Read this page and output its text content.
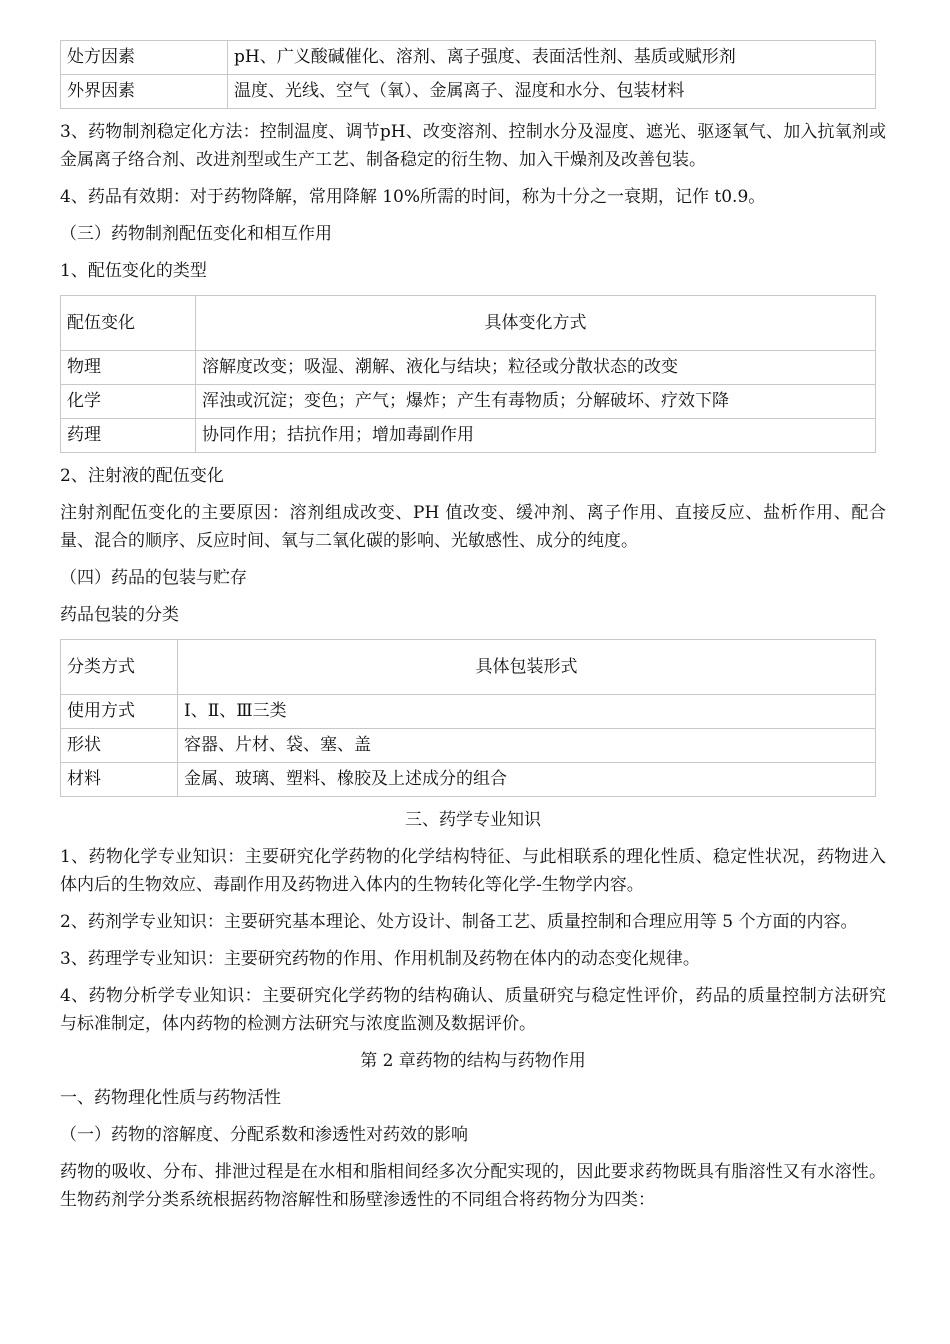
处方因素	pH、广义酸碱催化、溶剂、离子强度、表面活性剂、基质或赋形剂
外界因素	温度、光线、空气（氧）、金属离子、湿度和水分、包装材料

3、药物制剂稳定化方法：控制温度、调节pH、改变溶剂、控制水分及湿度、遮光、驱逐氧气、加入抗氧剂或金属离子络合剂、改进剂型或生产工艺、制备稳定的衍生物、加入干燥剂及改善包装。

4、药品有效期：对于药物降解，常用降解 10%所需的时间，称为十分之一衰期，记作 t0.9。

（三）药物制剂配伍变化和相互作用

1、配伍变化的类型

配伍变化	具体变化方式
物理	溶解度改变；吸湿、潮解、液化与结块；粒径或分散状态的改变
化学	浑浊或沉淀；变色；产气；爆炸；产生有毒物质；分解破坏、疗效下降
药理	协同作用；拮抗作用；增加毒副作用

2、注射液的配伍变化

注射剂配伍变化的主要原因：溶剂组成改变、PH 值改变、缓冲剂、离子作用、直接反应、盐析作用、配合量、混合的顺序、反应时间、氧与二氧化碳的影响、光敏感性、成分的纯度。

（四）药品的包装与贮存

药品包装的分类

分类方式	具体包装形式
使用方式	Ⅰ、Ⅱ、Ⅲ三类
形状	容器、片材、袋、塞、盖
材料	金属、玻璃、塑料、橡胶及上述成分的组合

三、药学专业知识

1、药物化学专业知识：主要研究化学药物的化学结构特征、与此相联系的理化性质、稳定性状况，药物进入体内后的生物效应、毒副作用及药物进入体内的生物转化等化学-生物学内容。

2、药剂学专业知识：主要研究基本理论、处方设计、制备工艺、质量控制和合理应用等 5 个方面的内容。

3、药理学专业知识：主要研究药物的作用、作用机制及药物在体内的动态变化规律。

4、药物分析学专业知识：主要研究化学药物的结构确认、质量研究与稳定性评价，药品的质量控制方法研究与标准制定，体内药物的检测方法研究与浓度监测及数据评价。

第 2 章药物的结构与药物作用

一、药物理化性质与药物活性

（一）药物的溶解度、分配系数和渗透性对药效的影响

药物的吸收、分布、排泄过程是在水相和脂相间经多次分配实现的，因此要求药物既具有脂溶性又有水溶性。生物药剂学分类系统根据药物溶解性和肠壁渗透性的不同组合将药物分为四类：
